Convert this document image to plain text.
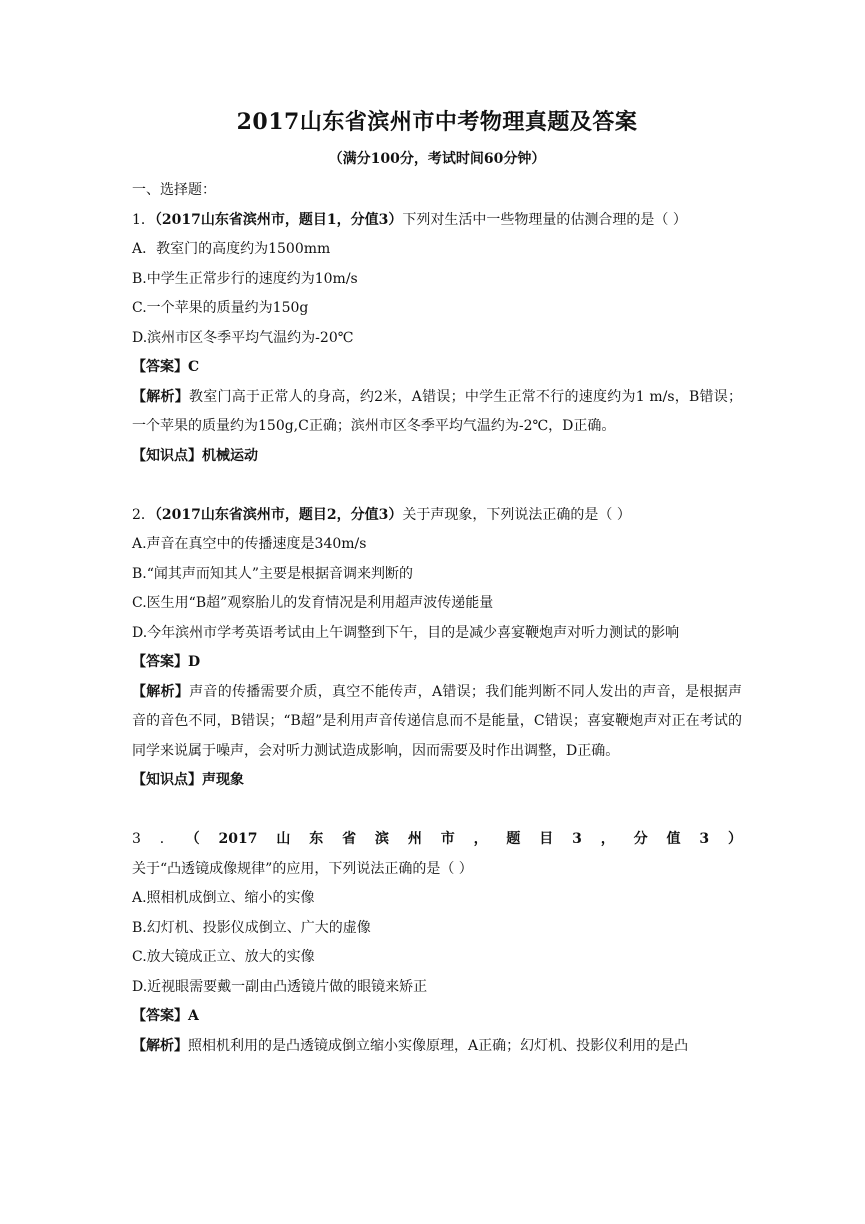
2017山东省滨州市中考物理真题及答案
（满分100分，考试时间60分钟）
一、选择题：
1．（2017山东省滨州市，题目1，分值3）下列对生活中一些物理量的估测合理的是（ ）
A．教室门的高度约为1500mm
B.中学生正常步行的速度约为10m/s
C.一个苹果的质量约为150g
D.滨州市区冬季平均气温约为-20℃
【答案】C
【解析】教室门高于正常人的身高，约2米，A错误；中学生正常不行的速度约为1 m/s，B错误；一个苹果的质量约为150g,C正确；滨州市区冬季平均气温约为-2℃，D正确。
【知识点】机械运动
2．（2017山东省滨州市，题目2，分值3）关于声现象，下列说法正确的是（ ）
A.声音在真空中的传播速度是340m/s
B.“闻其声而知其人”主要是根据音调来判断的
C.医生用“B超”观察胎儿的发育情况是利用超声波传递能量
D.今年滨州市学考英语考试由上午调整到下午，目的是减少喜宴鞭炮声对听力测试的影响
【答案】D
【解析】声音的传播需要介质，真空不能传声，A错误；我们能判断不同人发出的声音，是根据声音的音色不同，B错误；“B超”是利用声音传递信息而不是能量，C错误；喜宴鞭炮声对正在考试的同学来说属于噪声，会对听力测试造成影响，因而需要及时作出调整，D正确。
【知识点】声现象
3．（2017山东省滨州市，题目3，分值3）关于“凸透镜成像规律”的应用，下列说法正确的是（ ）
A.照相机成倒立、缩小的实像
B.幻灯机、投影仪成倒立、广大的虚像
C.放大镜成正立、放大的实像
D.近视眼需要戴一副由凸透镜片做的眼镜来矫正
【答案】A
【解析】照相机利用的是凸透镜成倒立缩小实像原理，A正确；幻灯机、投影仪利用的是凸
